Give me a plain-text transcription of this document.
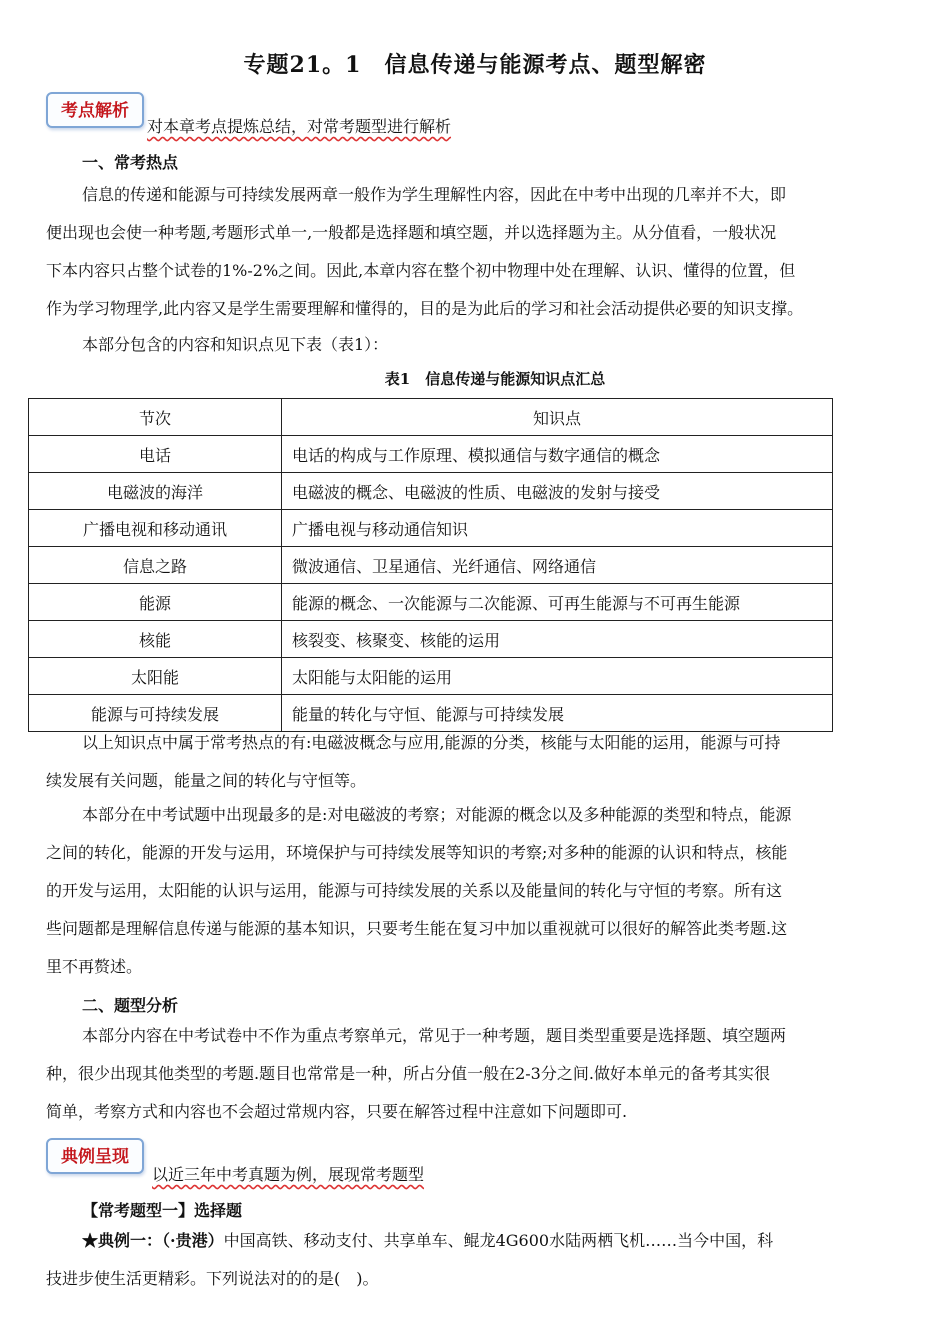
专题21。1　信息传递与能源考点、题型解密
考点解析
对本章考点提炼总结，对常考题型进行解析
一、常考热点
信息的传递和能源与可持续发展两章一般作为学生理解性内容，因此在中考中出现的几率并不大，即
便出现也会使一种考题,考题形式单一,一般都是选择题和填空题，并以选择题为主。从分值看，一般状况
下本内容只占整个试卷的1%-2%之间。因此,本章内容在整个初中物理中处在理解、认识、懂得的位置，但
作为学习物理学,此内容又是学生需要理解和懂得的，目的是为此后的学习和社会活动提供必要的知识支撑。
本部分包含的内容和知识点见下表（表1）：
表1　信息传递与能源知识点汇总
节次	知识点
电话	电话的构成与工作原理、模拟通信与数字通信的概念
电磁波的海洋	电磁波的概念、电磁波的性质、电磁波的发射与接受
广播电视和移动通讯	广播电视与移动通信知识
信息之路	微波通信、卫星通信、光纤通信、网络通信
能源	能源的概念、一次能源与二次能源、可再生能源与不可再生能源
核能	核裂变、核聚变、核能的运用
太阳能	太阳能与太阳能的运用
能源与可持续发展	能量的转化与守恒、能源与可持续发展
以上知识点中属于常考热点的有:电磁波概念与应用,能源的分类，核能与太阳能的运用，能源与可持
续发展有关问题，能量之间的转化与守恒等。
本部分在中考试题中出现最多的是:对电磁波的考察；对能源的概念以及多种能源的类型和特点，能源
之间的转化，能源的开发与运用，环境保护与可持续发展等知识的考察;对多种的能源的认识和特点，核能
的开发与运用，太阳能的认识与运用，能源与可持续发展的关系以及能量间的转化与守恒的考察。所有这
些问题都是理解信息传递与能源的基本知识，只要考生能在复习中加以重视就可以很好的解答此类考题.这
里不再赘述。
二、题型分析
本部分内容在中考试卷中不作为重点考察单元，常见于一种考题，题目类型重要是选择题、填空题两
种，很少出现其他类型的考题.题目也常常是一种，所占分值一般在2-3分之间.做好本单元的备考其实很
简单，考察方式和内容也不会超过常规内容，只要在解答过程中注意如下问题即可.
典例呈现
以近三年中考真题为例，展现常考题型
【常考题型一】选择题
★典例一：（·贵港）中国高铁、移动支付、共享单车、鲲龙4G600水陆两栖飞机……当今中国，科
技进步使生活更精彩。下列说法对的的是(　)。
